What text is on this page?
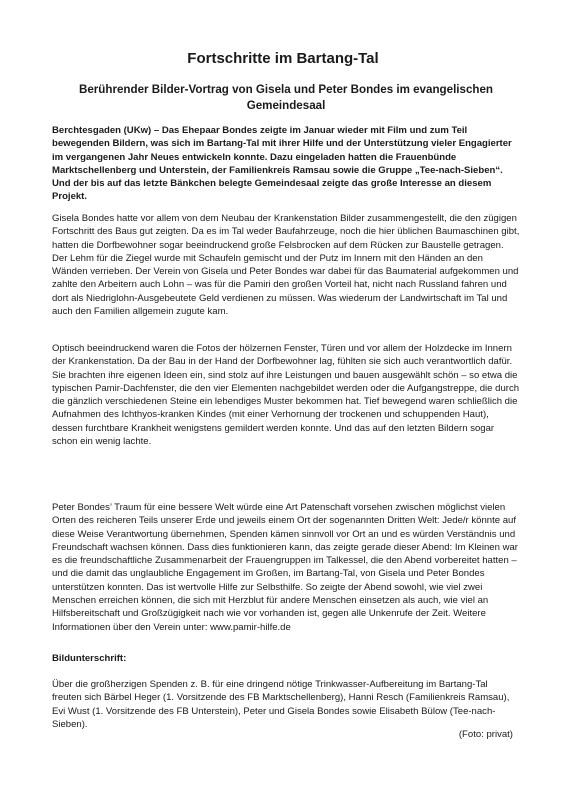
Fortschritte im Bartang-Tal
Berührender Bilder-Vortrag von Gisela und Peter Bondes im evangelischen Gemeindesaal

Berchtesgaden (UKw) – Das Ehepaar Bondes zeigte im Januar wieder mit Film und zum Teil bewegenden Bildern, was sich im Bartang-Tal mit ihrer Hilfe und der Unterstützung vieler Engagierter im vergangenen Jahr Neues entwickeln konnte. Dazu eingeladen hatten die Frauenbünde Marktschellenberg und Unterstein, der Familienkreis Ramsau sowie die Gruppe „Tee-nach-Sieben“. Und der bis auf das letzte Bänkchen belegte Gemeindesaal zeigte das große Interesse an diesem Projekt.

Gisela Bondes hatte vor allem von dem Neubau der Krankenstation Bilder zusammengestellt, die den zügigen Fortschritt des Baus gut zeigten. Da es im Tal weder Baufahrzeuge, noch die hier üblichen Baumaschinen gibt, hatten die Dorfbewohner sogar beeindruckend große Felsbrocken auf dem Rücken zur Baustelle getragen. Der Lehm für die Ziegel wurde mit Schaufeln gemischt und der Putz im Innern mit den Händen an den Wänden verrieben. Der Verein von Gisela und Peter Bondes war dabei für das Baumaterial aufgekommen und zahlte den Arbeitern auch Lohn – was für die Pamiri den großen Vorteil hat, nicht nach Russland fahren und dort als Niedriglohn-Ausgebeutete Geld verdienen zu müssen. Was wiederum der Landwirtschaft im Tal und auch den Familien allgemein zugute kam.

Optisch beeindruckend waren die Fotos der hölzernen Fenster, Türen und vor allem der Holzdecke im Innern der Krankenstation. Da der Bau in der Hand der Dorfbewohner lag, fühlten sie sich auch verantwortlich dafür. Sie brachten ihre eigenen Ideen ein, sind stolz auf ihre Leistungen und bauen ausgewählt schön – so etwa die typischen Pamir-Dachfenster, die den vier Elementen nachgebildet werden oder die Aufgangstreppe, die durch die gänzlich verschiedenen Steine ein lebendiges Muster bekommen hat. Tief bewegend waren schließlich die Aufnahmen des Ichthyos-kranken Kindes (mit einer Verhornung der trockenen und schuppenden Haut), dessen furchtbare Krankheit wenigstens gemildert werden konnte. Und das auf den letzten Bildern sogar schon ein wenig lachte.

Peter Bondes’ Traum für eine bessere Welt würde eine Art Patenschaft vorsehen zwischen möglichst vielen Orten des reicheren Teils unserer Erde und jeweils einem Ort der sogenannten Dritten Welt: Jede/r könnte auf diese Weise Verantwortung übernehmen, Spenden kämen sinnvoll vor Ort an und es würden Verständnis und Freundschaft wachsen können. Dass dies funktionieren kann, das zeigte gerade dieser Abend: Im Kleinen war es die freundschaftliche Zusammenarbeit der Frauengruppen im Talkessel, die den Abend vorbereitet hatten – und die damit das unglaubliche Engagement im Großen, im Bartang-Tal, von Gisela und Peter Bondes unterstützen konnten. Das ist wertvolle Hilfe zur Selbsthilfe. So zeigte der Abend sowohl, wie viel zwei Menschen erreichen können, die sich mit Herzblut für andere Menschen einsetzen als auch, wie viel an Hilfsbereitschaft und Großzügigkeit nach wie vor vorhanden ist, gegen alle Unkenrufe der Zeit. Weitere Informationen über den Verein unter: www.pamir-hilfe.de

Bildunterschrift:

Über die großherzigen Spenden z. B. für eine dringend nötige Trinkwasser-Aufbereitung im Bartang-Tal freuten sich Bärbel Heger (1. Vorsitzende des FB Marktschellenberg), Hanni Resch (Familienkreis Ramsau), Evi Wust (1. Vorsitzende des FB Unterstein), Peter und Gisela Bondes sowie Elisabeth Bülow (Tee-nach-Sieben).

(Foto: privat)
